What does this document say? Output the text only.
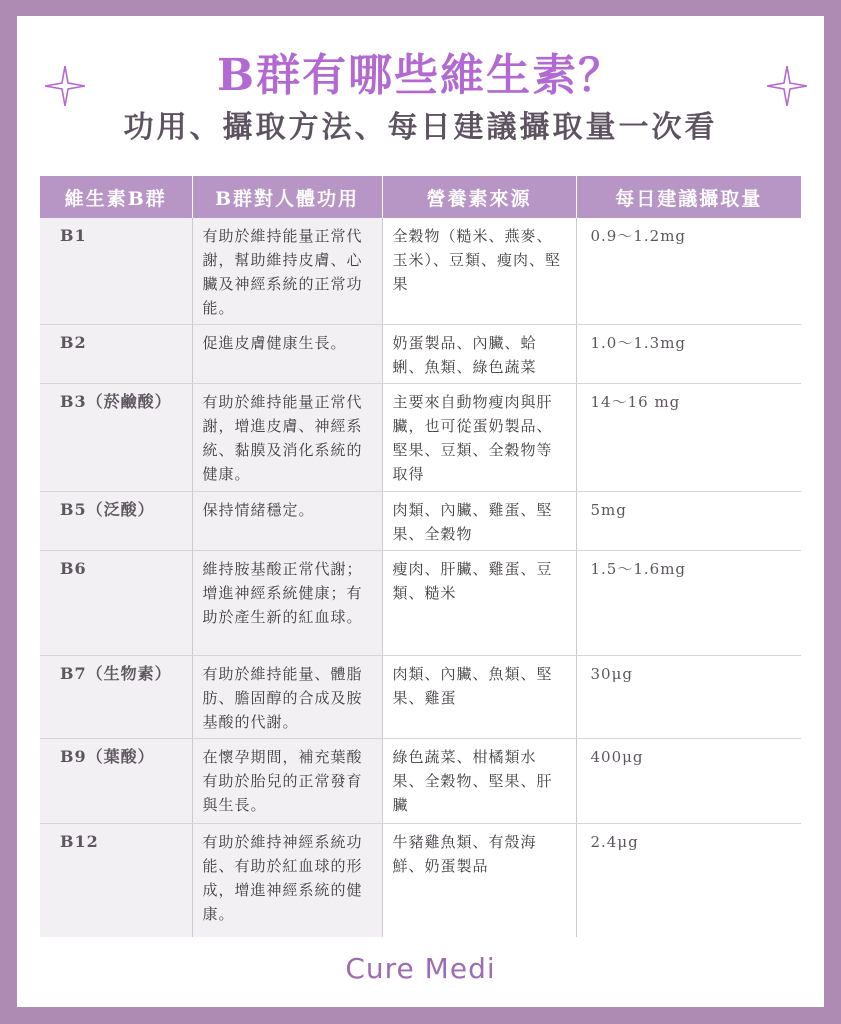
B群有哪些維生素？
功用、攝取方法、每日建議攝取量一次看
維生素B群	B群對人體功用	營養素來源	每日建議攝取量
B1	有助於維持能量正常代謝，幫助維持皮膚、心臟及神經系統的正常功能。	全穀物（糙米、燕麥、玉米）、豆類、瘦肉、堅果	0.9～1.2mg
B2	促進皮膚健康生長。	奶蛋製品、內臟、蛤蜊、魚類、綠色蔬菜	1.0～1.3mg
B3（菸鹼酸）	有助於維持能量正常代謝，增進皮膚、神經系統、黏膜及消化系統的健康。	主要來自動物瘦肉與肝臟，也可從蛋奶製品、堅果、豆類、全穀物等取得	14～16 mg
B5（泛酸）	保持情緒穩定。	肉類、內臟、雞蛋、堅果、全穀物	5mg
B6	維持胺基酸正常代謝；增進神經系統健康；有助於產生新的紅血球。	瘦肉、肝臟、雞蛋、豆類、糙米	1.5～1.6mg
B7（生物素）	有助於維持能量、體脂肪、膽固醇的合成及胺基酸的代謝。	肉類、內臟、魚類、堅果、雞蛋	30μg
B9（葉酸）	在懷孕期間，補充葉酸有助於胎兒的正常發育與生長。	綠色蔬菜、柑橘類水果、全穀物、堅果、肝臟	400μg
B12	有助於維持神經系統功能、有助於紅血球的形成，增進神經系統的健康。	牛豬雞魚類、有殼海鮮、奶蛋製品	2.4μg
Cure Medi
